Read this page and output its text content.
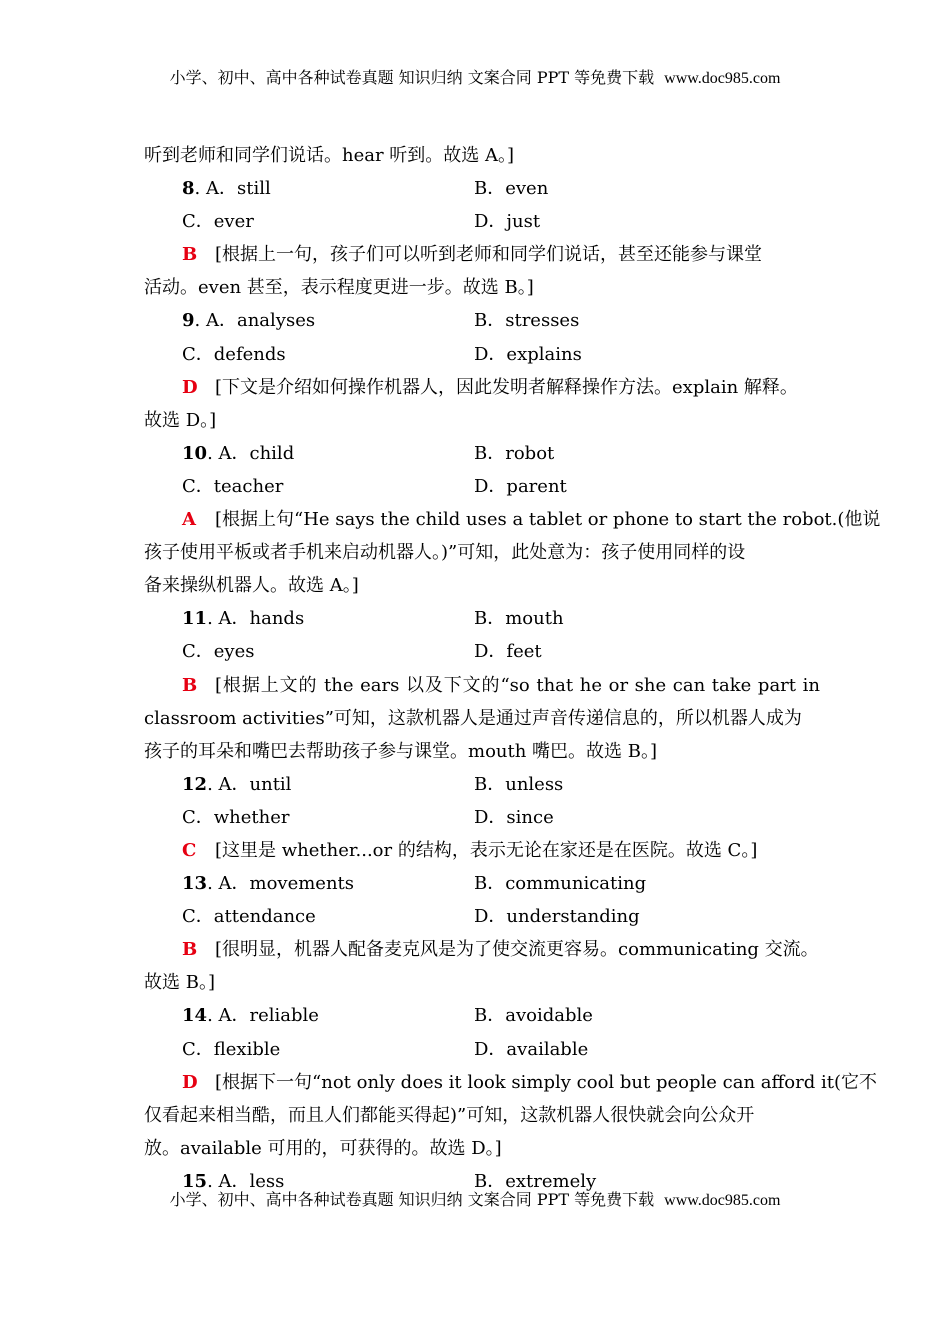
小学、初中、高中各种试卷真题 知识归纳 文案合同 PPT 等免费下载 www.doc985.com
听到老师和同学们说话。hear 听到。故选 A。]
8. A．still	B．even
C．ever	D．just
B [根据上一句，孩子们可以听到老师和同学们说话，甚至还能参与课堂
活动。even 甚至，表示程度更进一步。故选 B。]
9. A．analyses	B．stresses
C．defends	D．explains
D [下文是介绍如何操作机器人，因此发明者解释操作方法。explain 解释。
故选 D。]
10. A．child	B．robot
C．teacher	D．parent
A [根据上句“He says the child uses a tablet or phone to start the robot.(他说
孩子使用平板或者手机来启动机器人。)”可知，此处意为：孩子使用同样的设
备来操纵机器人。故选 A。]
11. A．hands	B．mouth
C．eyes	D．feet
B [根据上文的 the ears 以及下文的“so that he or she can take part in
classroom activities”可知，这款机器人是通过声音传递信息的，所以机器人成为
孩子的耳朵和嘴巴去帮助孩子参与课堂。mouth 嘴巴。故选 B。]
12. A．until	B．unless
C．whether	D．since
C [这里是 whether...or 的结构，表示无论在家还是在医院。故选 C。]
13. A．movements	B．communicating
C．attendance	D．understanding
B [很明显，机器人配备麦克风是为了使交流更容易。communicating 交流。
故选 B。]
14. A．reliable	B．avoidable
C．flexible	D．available
D [根据下一句“not only does it look simply cool but people can afford it(它不
仅看起来相当酷，而且人们都能买得起)”可知，这款机器人很快就会向公众开
放。available 可用的，可获得的。故选 D。]
15. A．less	B．extremely
小学、初中、高中各种试卷真题 知识归纳 文案合同 PPT 等免费下载 www.doc985.com
